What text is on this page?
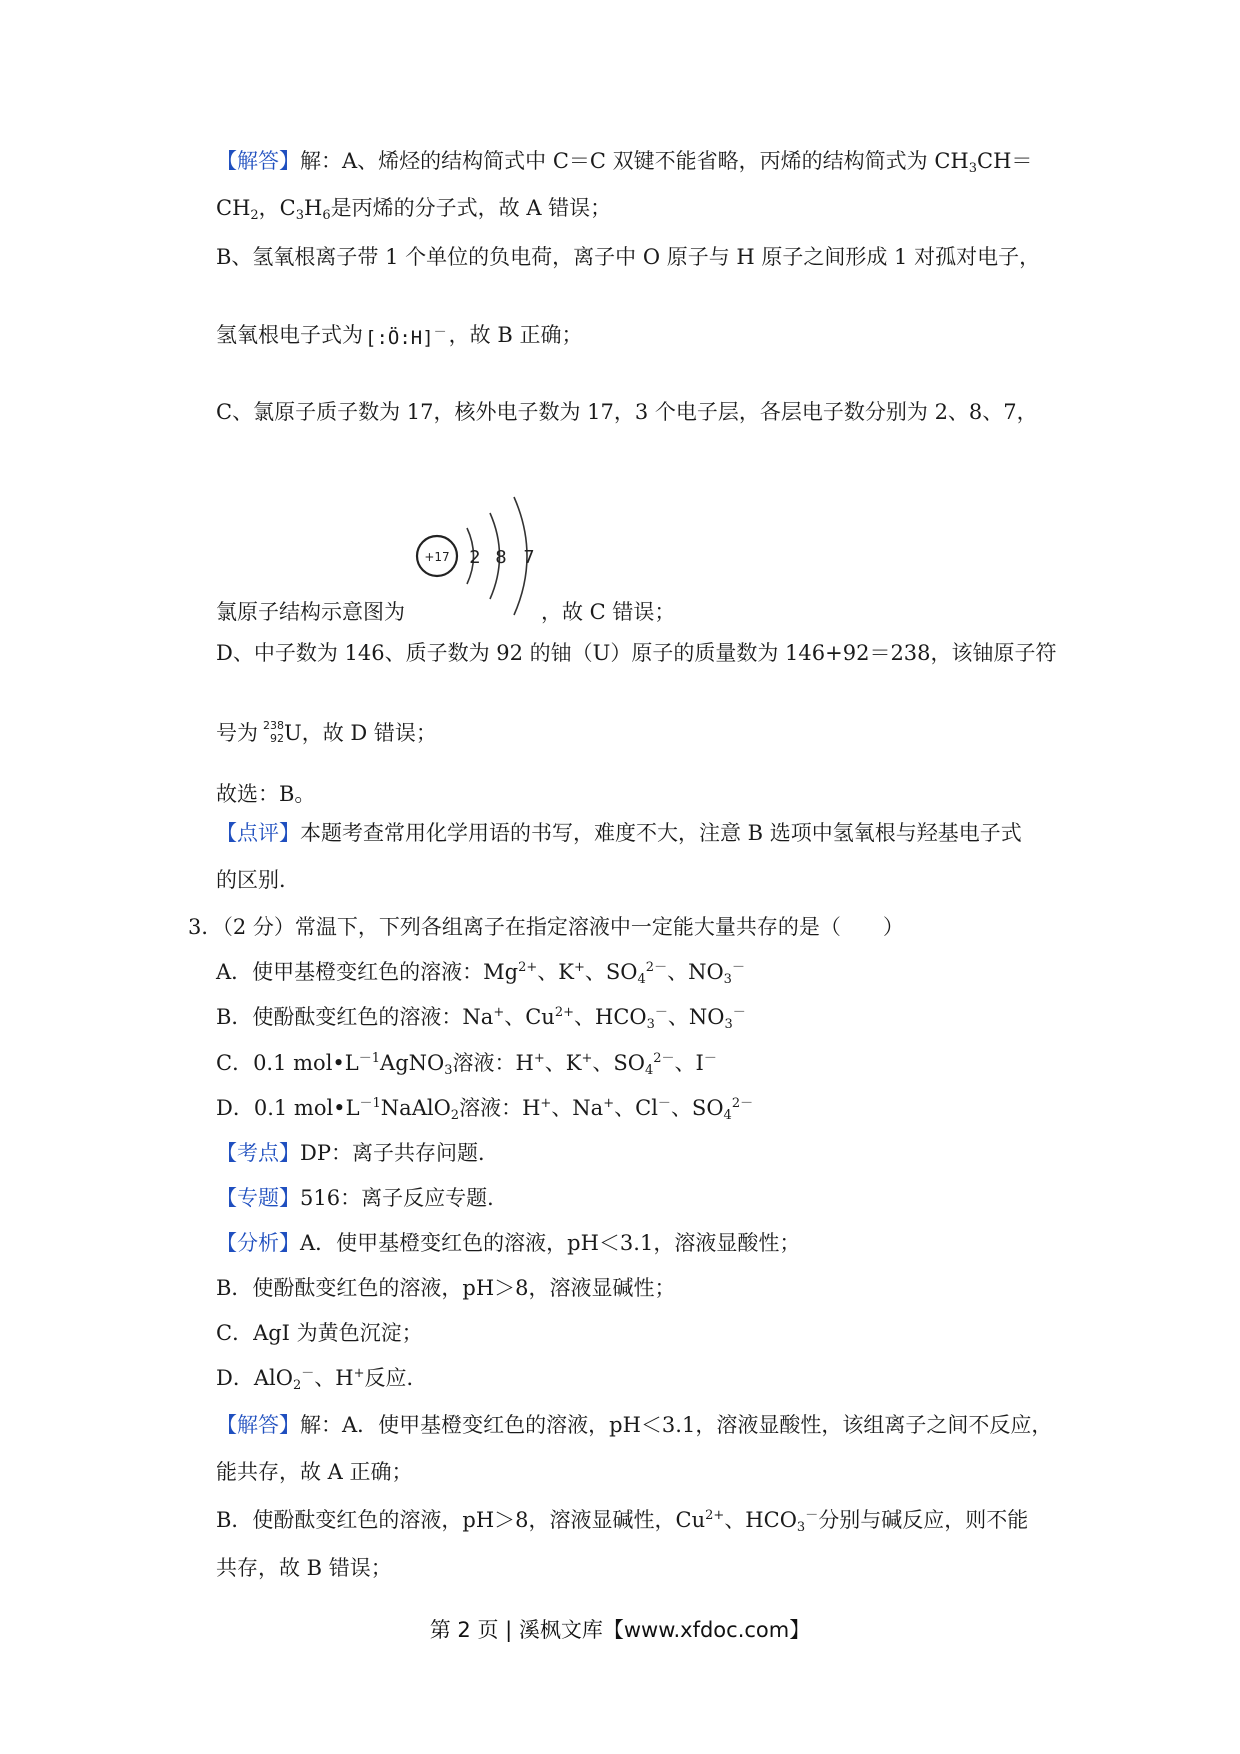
【解答】解：A、烯烃的结构简式中 C＝C 双键不能省略，丙烯的结构简式为 $CH_3CH=$
$CH_2$，$C_3H_6$是丙烯的分子式，故 A 错误；
B、氢氧根离子带 1 个单位的负电荷，离子中 O 原子与 H 原子之间形成 1 对孤对电子，
氢氧根电子式为 [:Ö:H]－，故 B 正确；
C、氯原子质子数为 17，核外电子数为 17，3 个电子层，各层电子数分别为 2、8、7，
+17 2 8 7
氯原子结构示意图为	，故 C 错误；
D、中子数为 146、质子数为 92 的铀（U）原子的质量数为 146+92＝238，该铀原子符
号为 238
92 U，故 D 错误；
故选：B。
【点评】本题考查常用化学用语的书写，难度不大，注意 B 选项中氢氧根与羟基电子式
的区别．
3．（2 分）常温下，下列各组离子在指定溶液中一定能大量共存的是（　　）
A．使甲基橙变红色的溶液：$Mg^{2+}$、K+、$SO_4^{2-}$、$NO_3^-$
B．使酚酞变红色的溶液：Na+、$Cu^{2+}$、$HCO_3^-$、$NO_3^-$
C．0.1 $mol•L^{-1}AgNO_3$溶液：H+、K+、$SO_4^{2-}$、I－
D．0.1 $mol•L^{-1}NaAlO_2$溶液：H+、Na+、Cl－、$SO_4^{2-}$
【考点】DP：离子共存问题．
【专题】516：离子反应专题．
【分析】A．使甲基橙变红色的溶液，pH＜3.1，溶液显酸性；
B．使酚酞变红色的溶液，pH＞8，溶液显碱性；
C．AgI 为黄色沉淀；
D．AlO$_2$－、H+反应．
【解答】解：A．使甲基橙变红色的溶液，pH＜3.1，溶液显酸性，该组离子之间不反应，
能共存，故 A 正确；
B．使酚酞变红色的溶液，pH＞8，溶液显碱性，$Cu^{2+}$、$HCO_3^-$分别与碱反应，则不能
共存，故 B 错误；
第 2 页 | 溪枫文库【www.xfdoc.com】
